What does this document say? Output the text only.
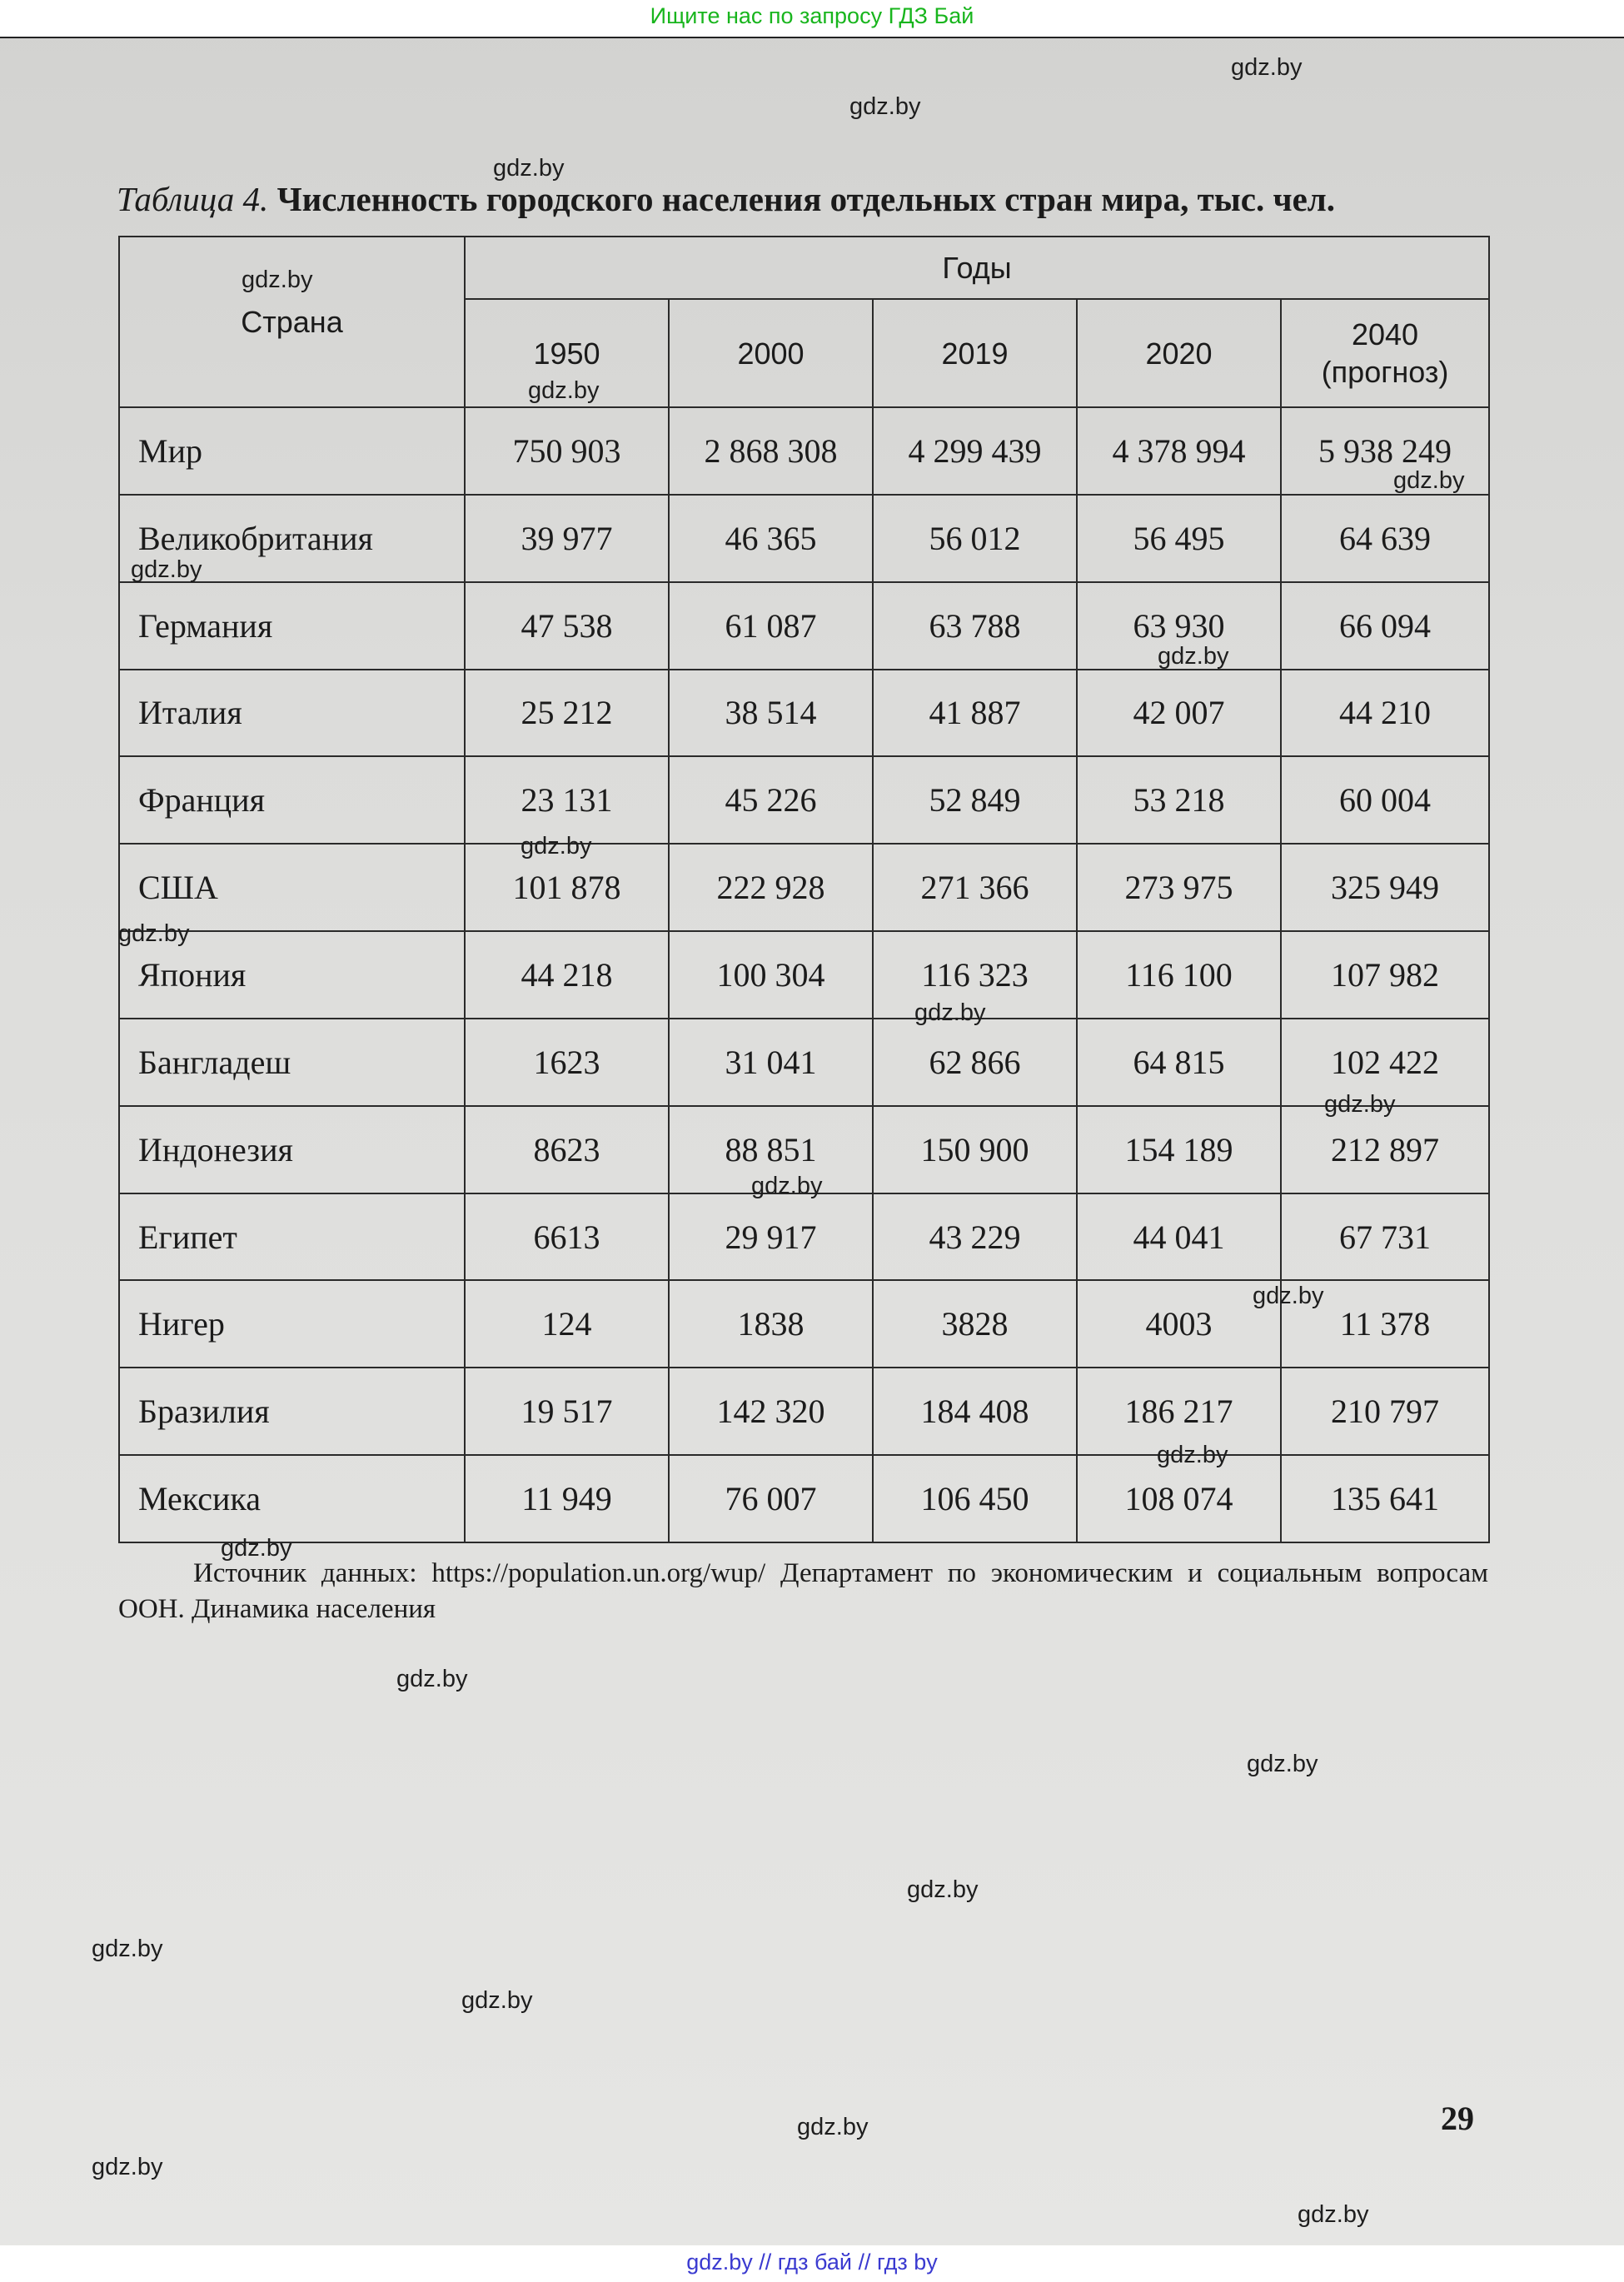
Ищите нас по запросу ГДЗ Бай
Таблица 4. Численность городского населения отдельных стран мира, тыс. чел.
Страна	Годы				
	1950	2000	2019	2020	2040
(прогноз)
Мир	750 903	2 868 308	4 299 439	4 378 994	5 938 249
Великобритания	39 977	46 365	56 012	56 495	64 639
Германия	47 538	61 087	63 788	63 930	66 094
Италия	25 212	38 514	41 887	42 007	44 210
Франция	23 131	45 226	52 849	53 218	60 004
США	101 878	222 928	271 366	273 975	325 949
Япония	44 218	100 304	116 323	116 100	107 982
Бангладеш	1623	31 041	62 866	64 815	102 422
Индонезия	8623	88 851	150 900	154 189	212 897
Египет	6613	29 917	43 229	44 041	67 731
Нигер	124	1838	3828	4003	11 378
Бразилия	19 517	142 320	184 408	186 217	210 797
Мексика	11 949	76 007	106 450	108 074	135 641
Источник данных: https://population.un.org/wup/ Департамент по экономическим и социальным вопросам ООН. Динамика населения
29
gdz.by
gdz.by
gdz.by
gdz.by
gdz.by
gdz.by
gdz.by
gdz.by
gdz.by
gdz.by
gdz.by
gdz.by
gdz.by
gdz.by
gdz.by
gdz.by
gdz.by
gdz.by
gdz.by
gdz.by
gdz.by
gdz.by
gdz.by
gdz.by
gdz.by // гдз бай // гдз by
